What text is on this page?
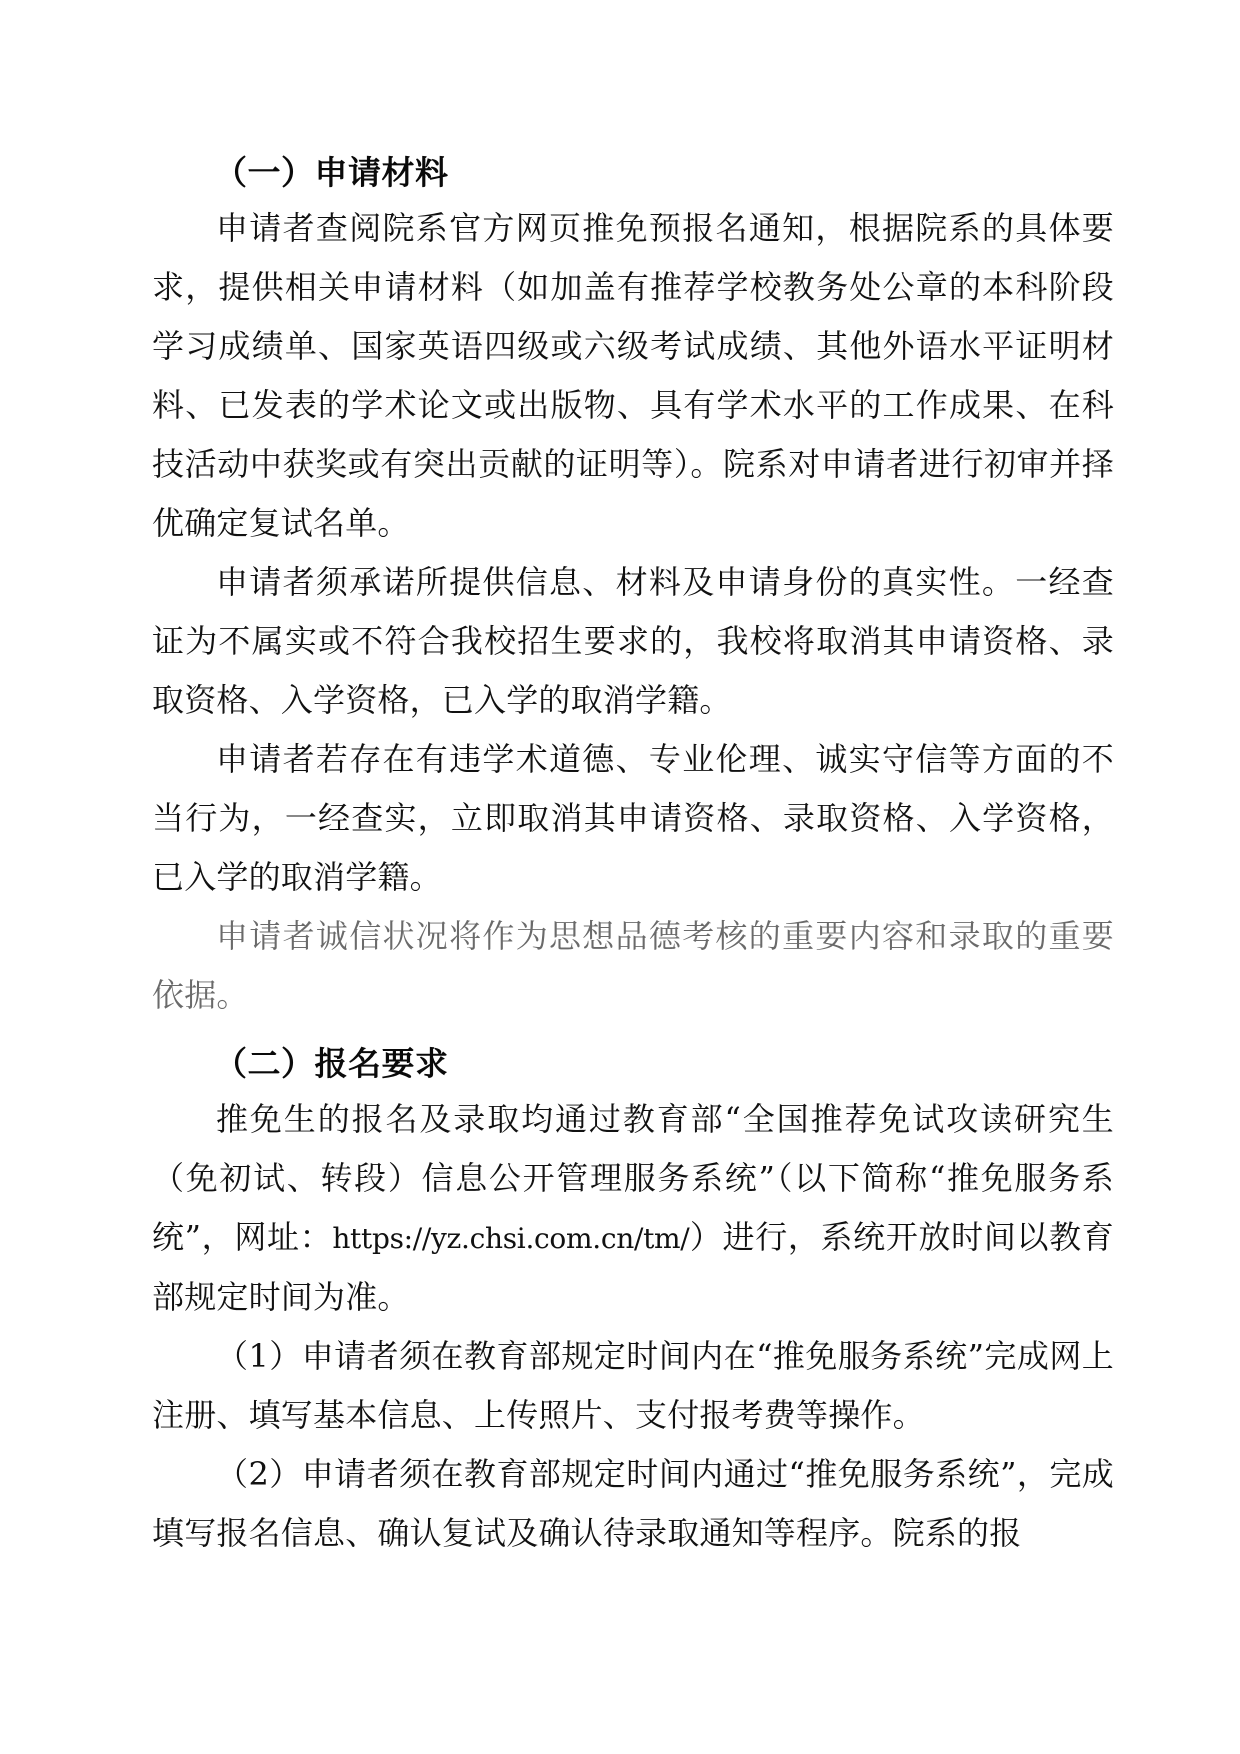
（一）申请材料

申请者查阅院系官方网页推免预报名通知，根据院系的具体要求，提供相关申请材料（如加盖有推荐学校教务处公章的本科阶段学习成绩单、国家英语四级或六级考试成绩、其他外语水平证明材料、已发表的学术论文或出版物、具有学术水平的工作成果、在科技活动中获奖或有突出贡献的证明等）。院系对申请者进行初审并择优确定复试名单。

申请者须承诺所提供信息、材料及申请身份的真实性。一经查证为不属实或不符合我校招生要求的，我校将取消其申请资格、录取资格、入学资格，已入学的取消学籍。

申请者若存在有违学术道德、专业伦理、诚实守信等方面的不当行为，一经查实，立即取消其申请资格、录取资格、入学资格，已入学的取消学籍。

申请者诚信状况将作为思想品德考核的重要内容和录取的重要依据。

（二）报名要求

推免生的报名及录取均通过教育部“全国推荐免试攻读研究生（免初试、转段）信息公开管理服务系统”（以下简称“推免服务系统”，网址：https://yz.chsi.com.cn/tm/）进行，系统开放时间以教育部规定时间为准。

（1）申请者须在教育部规定时间内在“推免服务系统”完成网上注册、填写基本信息、上传照片、支付报考费等操作。

（2）申请者须在教育部规定时间内通过“推免服务系统”，完成填写报名信息、确认复试及确认待录取通知等程序。院系的报
